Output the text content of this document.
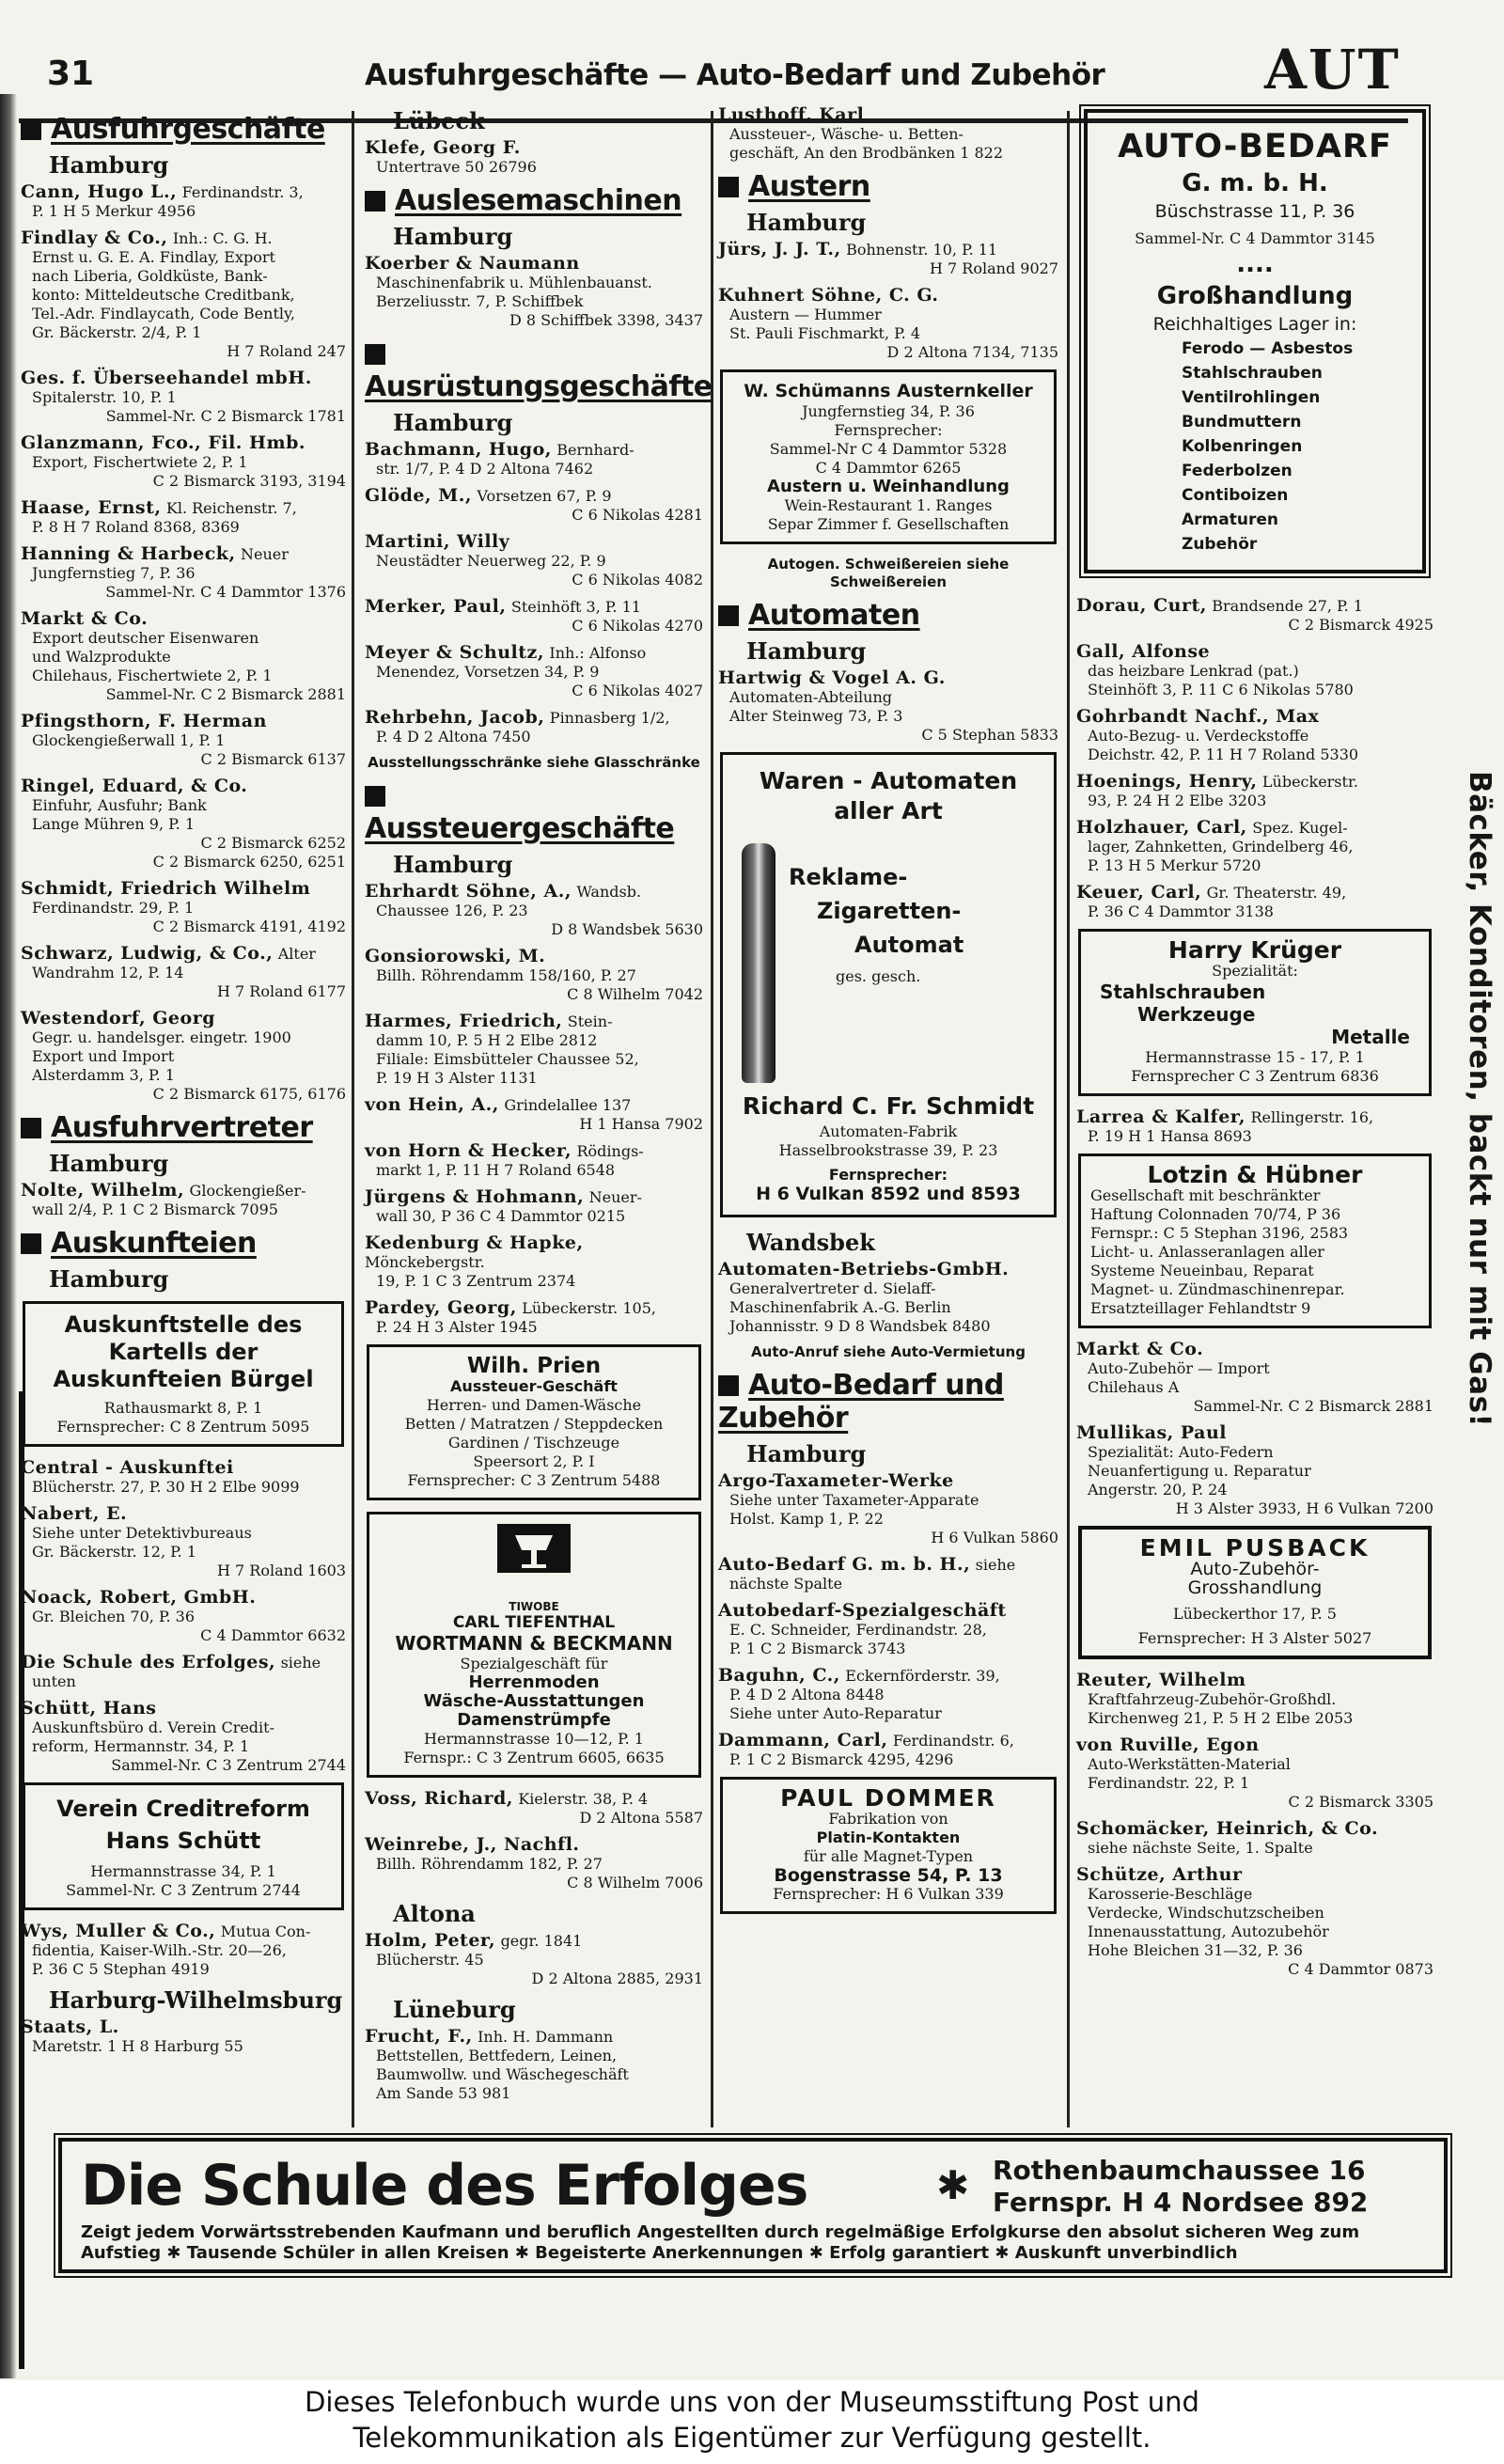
31	Ausfuhrgeschäfte — Auto-Bedarf und Zubehör	AUT
Ausfuhrgeschäfte
Hamburg
Cann, Hugo L., Ferdinandstr. 3,
P. 1 H 5 Merkur 4956
Findlay & Co., Inh.: C. G. H.
Ernst u. G. E. A. Findlay, Export
nach Liberia, Goldküste, Bank-
konto: Mitteldeutsche Creditbank,
Tel.-Adr. Findlaycath, Code Bently,
Gr. Bäckerstr. 2/4, P. 1
H 7 Roland 247
Ges. f. Überseehandel mbH.
Spitalerstr. 10, P. 1
Sammel-Nr. C 2 Bismarck 1781
Glanzmann, Fco., Fil. Hmb.
Export, Fischertwiete 2, P. 1
C 2 Bismarck 3193, 3194
Haase, Ernst, Kl. Reichenstr. 7,
P. 8 H 7 Roland 8368, 8369
Hanning & Harbeck, Neuer
Jungfernstieg 7, P. 36
Sammel-Nr. C 4 Dammtor 1376
Markt & Co.
Export deutscher Eisenwaren
und Walzprodukte
Chilehaus, Fischertwiete 2, P. 1
Sammel-Nr. C 2 Bismarck 2881
Pfingsthorn, F. Herman
Glockengießerwall 1, P. 1
C 2 Bismarck 6137
Ringel, Eduard, & Co.
Einfuhr, Ausfuhr; Bank
Lange Mühren 9, P. 1
C 2 Bismarck 6252
C 2 Bismarck 6250, 6251
Schmidt, Friedrich Wilhelm
Ferdinandstr. 29, P. 1
C 2 Bismarck 4191, 4192
Schwarz, Ludwig, & Co., Alter
Wandrahm 12, P. 14
H 7 Roland 6177
Westendorf, Georg
Gegr. u. handelsger. eingetr. 1900
Export und Import
Alsterdamm 3, P. 1
C 2 Bismarck 6175, 6176
Ausfuhrvertreter
Hamburg
Nolte, Wilhelm, Glockengießer-
wall 2/4, P. 1 C 2 Bismarck 7095
Auskunfteien
Hamburg
Auskunftstelle des Kartells der Auskunfteien Bürgel
Rathausmarkt 8, P. 1
Fernsprecher: C 8 Zentrum 5095
Central - Auskunftei
Blücherstr. 27, P. 30 H 2 Elbe 9099
Nabert, E.
Siehe unter Detektivbureaus
Gr. Bäckerstr. 12, P. 1
H 7 Roland 1603
Noack, Robert, GmbH.
Gr. Bleichen 70, P. 36
C 4 Dammtor 6632
Die Schule des Erfolges, siehe
unten
Schütt, Hans
Auskunftsbüro d. Verein Credit-
reform, Hermannstr. 34, P. 1
Sammel-Nr. C 3 Zentrum 2744
Verein Creditreform
Hans Schütt
Hermannstrasse 34, P. 1
Sammel-Nr. C 3 Zentrum 2744
Wys, Muller & Co., Mutua Con-
fidentia, Kaiser-Wilh.-Str. 20—26,
P. 36 C 5 Stephan 4919
Harburg-Wilhelmsburg
Staats, L.
Maretstr. 1 H 8 Harburg 55
Lübeck
Klefe, Georg F.
Untertrave 50 26796
Auslesemaschinen
Hamburg
Koerber & Naumann
Maschinenfabrik u. Mühlenbauanst.
Berzeliusstr. 7, P. Schiffbek
D 8 Schiffbek 3398, 3437
Ausrüstungsgeschäfte
Hamburg
Bachmann, Hugo, Bernhard-
str. 1/7, P. 4 D 2 Altona 7462
Glöde, M., Vorsetzen 67, P. 9
C 6 Nikolas 4281
Martini, Willy
Neustädter Neuerweg 22, P. 9
C 6 Nikolas 4082
Merker, Paul, Steinhöft 3, P. 11
C 6 Nikolas 4270
Meyer & Schultz, Inh.: Alfonso
Menendez, Vorsetzen 34, P. 9
C 6 Nikolas 4027
Rehrbehn, Jacob, Pinnasberg 1/2,
P. 4 D 2 Altona 7450
Ausstellungsschränke siehe Glasschränke
Aussteuergeschäfte
Hamburg
Ehrhardt Söhne, A., Wandsb.
Chaussee 126, P. 23
D 8 Wandsbek 5630
Gonsiorowski, M.
Billh. Röhrendamm 158/160, P. 27
C 8 Wilhelm 7042
Harmes, Friedrich, Stein-
damm 10, P. 5 H 2 Elbe 2812
Filiale: Eimsbütteler Chaussee 52,
P. 19 H 3 Alster 1131
von Hein, A., Grindelallee 137
H 1 Hansa 7902
von Horn & Hecker, Rödings-
markt 1, P. 11 H 7 Roland 6548
Jürgens & Hohmann, Neuer-
wall 30, P 36 C 4 Dammtor 0215
Kedenburg & Hapke, Mönckebergstr.
19, P. 1 C 3 Zentrum 2374
Pardey, Georg, Lübeckerstr. 105,
P. 24 H 3 Alster 1945
Wilh. Prien
Aussteuer-Geschäft
Herren- und Damen-Wäsche
Betten / Matratzen / Steppdecken
Gardinen / Tischzeuge
Speersort 2, P. I
Fernsprecher: C 3 Zentrum 5488
TIWOBE
CARL TIEFENTHAL
WORTMANN & BECKMANN
Spezialgeschäft für
Herrenmoden
Wäsche-Ausstattungen
Damenstrümpfe
Hermannstrasse 10—12, P. 1
Fernspr.: C 3 Zentrum 6605, 6635
Voss, Richard, Kielerstr. 38, P. 4
D 2 Altona 5587
Weinrebe, J., Nachfl.
Billh. Röhrendamm 182, P. 27
C 8 Wilhelm 7006
Altona
Holm, Peter, gegr. 1841
Blücherstr. 45
D 2 Altona 2885, 2931
Lüneburg
Frucht, F., Inh. H. Dammann
Bettstellen, Bettfedern, Leinen,
Baumwollw. und Wäschegeschäft
Am Sande 53 981
Lusthoff, Karl
Aussteuer-, Wäsche- u. Betten-
geschäft, An den Brodbänken 1 822
Austern
Hamburg
Jürs, J. J. T., Bohnenstr. 10, P. 11
H 7 Roland 9027
Kuhnert Söhne, C. G.
Austern — Hummer
St. Pauli Fischmarkt, P. 4
D 2 Altona 7134, 7135
W. Schümanns Austernkeller
Jungfernstieg 34, P. 36
Fernsprecher:
Sammel-Nr C 4 Dammtor 5328
C 4 Dammtor 6265
Austern u. Weinhandlung
Wein-Restaurant 1. Ranges
Separ Zimmer f. Gesellschaften
Autogen. Schweißereien siehe Schweißereien
Automaten
Hamburg
Hartwig & Vogel A. G.
Automaten-Abteilung
Alter Steinweg 73, P. 3
C 5 Stephan 5833
Waren - Automaten
aller Art
Reklame-
Zigaretten-
Automat
ges. gesch.
Richard C. Fr. Schmidt
Automaten-Fabrik
Hasselbrookstrasse 39, P. 23
Fernsprecher:
H 6 Vulkan 8592 und 8593
Wandsbek
Automaten-Betriebs-GmbH.
Generalvertreter d. Sielaff-
Maschinenfabrik A.-G. Berlin
Johannisstr. 9 D 8 Wandsbek 8480
Auto-Anruf siehe Auto-Vermietung
Auto-Bedarf und Zubehör
Hamburg
Argo-Taxameter-Werke
Siehe unter Taxameter-Apparate
Holst. Kamp 1, P. 22
H 6 Vulkan 5860
Auto-Bedarf G. m. b. H., siehe
nächste Spalte
Autobedarf-Spezialgeschäft
E. C. Schneider, Ferdinandstr. 28,
P. 1 C 2 Bismarck 3743
Baguhn, C., Eckernförderstr. 39,
P. 4 D 2 Altona 8448
Siehe unter Auto-Reparatur
Dammann, Carl, Ferdinandstr. 6,
P. 1 C 2 Bismarck 4295, 4296
PAUL DOMMER
Fabrikation von
Platin-Kontakten
für alle Magnet-Typen
Bogenstrasse 54, P. 13
Fernsprecher: H 6 Vulkan 339
AUTO-BEDARF
G. m. b. H.
Büschstrasse 11, P. 36
Sammel-Nr. C 4 Dammtor 3145
....
Großhandlung
Reichhaltiges Lager in:
Ferodo — Asbestos
Stahlschrauben
Ventilrohlingen
Bundmuttern
Kolbenringen
Federbolzen
Contiboizen
Armaturen
Zubehör
Dorau, Curt, Brandsende 27, P. 1
C 2 Bismarck 4925
Gall, Alfonse
das heizbare Lenkrad (pat.)
Steinhöft 3, P. 11 C 6 Nikolas 5780
Gohrbandt Nachf., Max
Auto-Bezug- u. Verdeckstoffe
Deichstr. 42, P. 11 H 7 Roland 5330
Hoenings, Henry, Lübeckerstr.
93, P. 24 H 2 Elbe 3203
Holzhauer, Carl, Spez. Kugel-
lager, Zahnketten, Grindelberg 46,
P. 13 H 5 Merkur 5720
Keuer, Carl, Gr. Theaterstr. 49,
P. 36 C 4 Dammtor 3138
Harry Krüger
Spezialität:
Stahlschrauben
Werkzeuge
Metalle
Hermannstrasse 15 - 17, P. 1
Fernsprecher C 3 Zentrum 6836
Larrea & Kalfer, Rellingerstr. 16,
P. 19 H 1 Hansa 8693
Lotzin & Hübner
Gesellschaft mit beschränkter
Haftung Colonnaden 70/74, P 36
Fernspr.: C 5 Stephan 3196, 2583
Licht- u. Anlasseranlagen aller
Systeme Neueinbau, Reparat
Magnet- u. Zündmaschinenrepar.
Ersatzteillager Fehlandtstr 9
Markt & Co.
Auto-Zubehör — Import
Chilehaus A
Sammel-Nr. C 2 Bismarck 2881
Mullikas, Paul
Spezialität: Auto-Federn
Neuanfertigung u. Reparatur
Angerstr. 20, P. 24
H 3 Alster 3933, H 6 Vulkan 7200
EMIL PUSBACK
Auto-Zubehör-
Grosshandlung
Lübeckerthor 17, P. 5
Fernsprecher: H 3 Alster 5027
Reuter, Wilhelm
Kraftfahrzeug-Zubehör-Großhdl.
Kirchenweg 21, P. 5 H 2 Elbe 2053
von Ruville, Egon
Auto-Werkstätten-Material
Ferdinandstr. 22, P. 1
C 2 Bismarck 3305
Schomäcker, Heinrich, & Co.
siehe nächste Seite, 1. Spalte
Schütze, Arthur
Karosserie-Beschläge
Verdecke, Windschutzscheiben
Innenausstattung, Autozubehör
Hohe Bleichen 31—32, P. 36
C 4 Dammtor 0873
Bäcker, Konditoren, backt nur mit Gas!
Die Schule des Erfolges	✱ Rothenbaumchaussee 16
Fernspr. H 4 Nordsee 892
Zeigt jedem Vorwärtsstrebenden Kaufmann und beruflich Angestellten durch regelmäßige Erfolgkurse den absolut sicheren Weg zum Aufstieg ✱ Tausende Schüler in allen Kreisen ✱ Begeisterte Anerkennungen ✱ Erfolg garantiert ✱ Auskunft unverbindlich
Dieses Telefonbuch wurde uns von der Museumsstiftung Post und
Telekommunikation als Eigentümer zur Verfügung gestellt.
